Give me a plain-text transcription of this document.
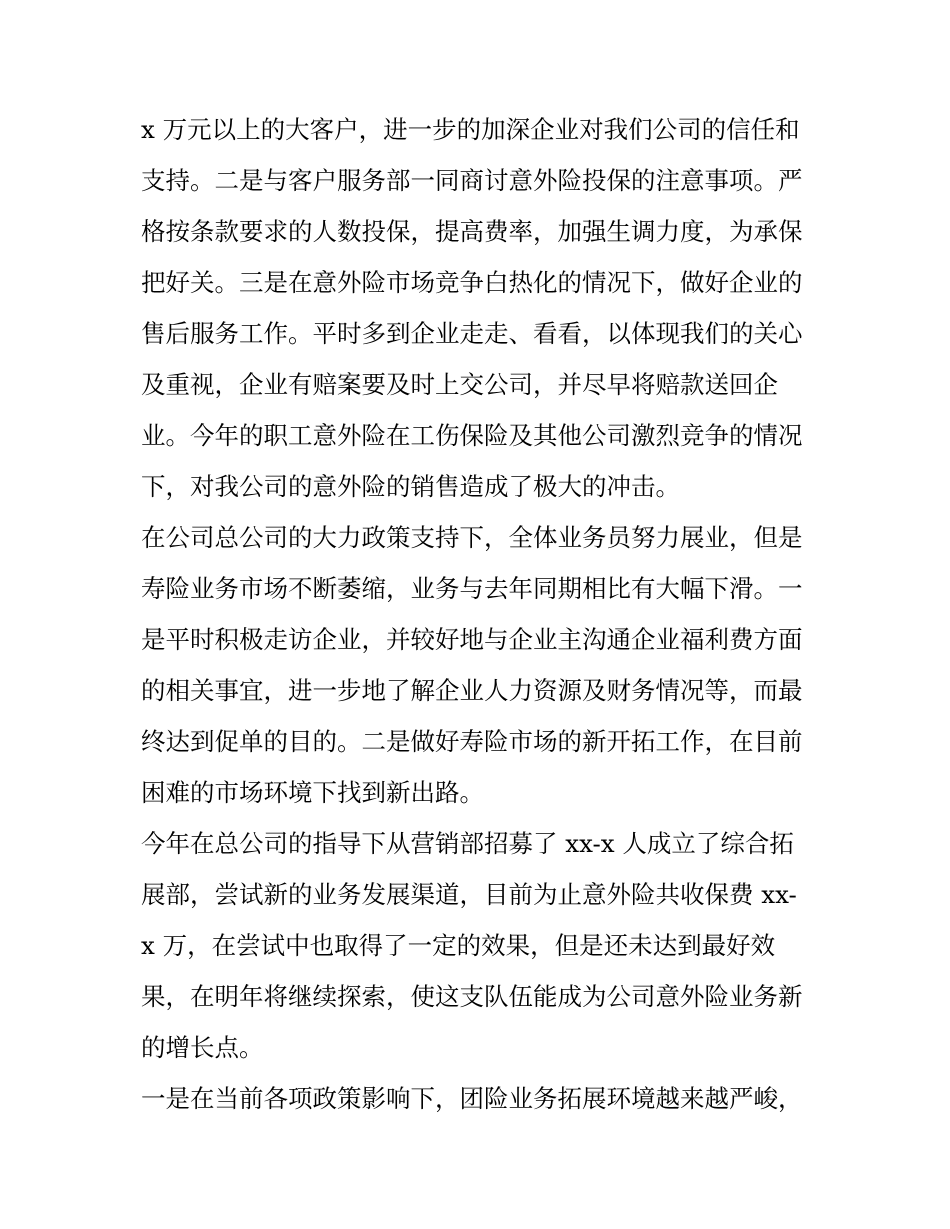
x 万元以上的大客户，进一步的加深企业对我们公司的信任和
支持。二是与客户服务部一同商讨意外险投保的注意事项。严
格按条款要求的人数投保，提高费率，加强生调力度，为承保
把好关。三是在意外险市场竞争白热化的情况下，做好企业的
售后服务工作。平时多到企业走走、看看，以体现我们的关心
及重视，企业有赔案要及时上交公司，并尽早将赔款送回企
业。今年的职工意外险在工伤保险及其他公司激烈竞争的情况
下，对我公司的意外险的销售造成了极大的冲击。

在公司总公司的大力政策支持下，全体业务员努力展业，但是
寿险业务市场不断萎缩，业务与去年同期相比有大幅下滑。一
是平时积极走访企业，并较好地与企业主沟通企业福利费方面
的相关事宜，进一步地了解企业人力资源及财务情况等，而最
终达到促单的目的。二是做好寿险市场的新开拓工作，在目前
困难的市场环境下找到新出路。

今年在总公司的指导下从营销部招募了 xx-x 人成立了综合拓
展部，尝试新的业务发展渠道，目前为止意外险共收保费 xx-
x 万，在尝试中也取得了一定的效果，但是还未达到最好效
果，在明年将继续探索，使这支队伍能成为公司意外险业务新
的增长点。

一是在当前各项政策影响下，团险业务拓展环境越来越严峻，
